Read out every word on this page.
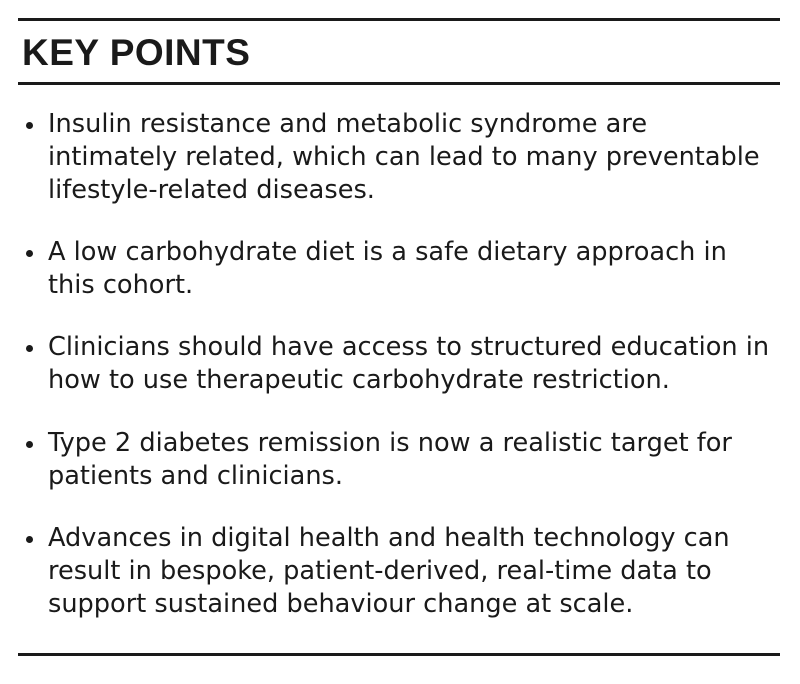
KEY POINTS
Insulin resistance and metabolic syndrome are
intimately related, which can lead to many preventable
lifestyle-related diseases.
A low carbohydrate diet is a safe dietary approach in
this cohort.
Clinicians should have access to structured education in
how to use therapeutic carbohydrate restriction.
Type 2 diabetes remission is now a realistic target for
patients and clinicians.
Advances in digital health and health technology can
result in bespoke, patient-derived, real-time data to
support sustained behaviour change at scale.
